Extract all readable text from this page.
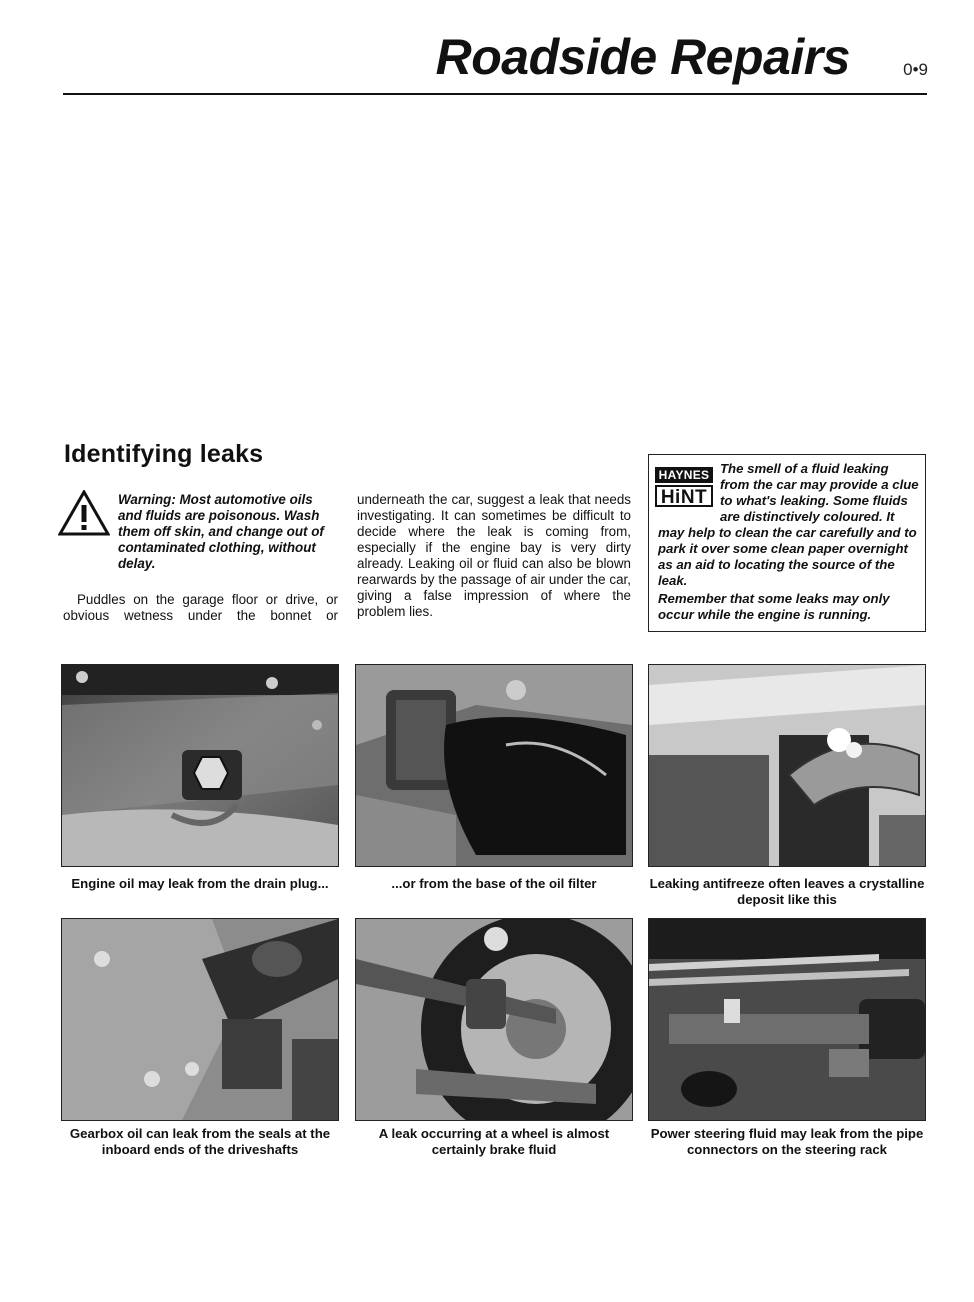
Roadside Repairs	0•9
Identifying leaks
Warning: Most automotive oils and fluids are poisonous. Wash them off skin, and change out of contaminated clothing, without delay.
Puddles on the garage floor or drive, or obvious wetness under the bonnet or
underneath the car, suggest a leak that needs investigating. It can sometimes be difficult to decide where the leak is coming from, especially if the engine bay is very dirty already. Leaking oil or fluid can also be blown rearwards by the passage of air under the car, giving a false impression of where the problem lies.
HAYNES
HiNT
The smell of a fluid leaking from the car may provide a clue to what's leaking. Some fluids are distinctively coloured. It may help to clean the car carefully and to park it over some clean paper overnight as an aid to locating the source of the leak.
Remember that some leaks may only occur while the engine is running.
Engine oil may leak from the drain plug...	...or from the base of the oil filter	Leaking antifreeze often leaves a crystalline deposit like this
Gearbox oil can leak from the seals at the inboard ends of the driveshafts
A leak occurring at a wheel is almost certainly brake fluid
Power steering fluid may leak from the pipe connectors on the steering rack
